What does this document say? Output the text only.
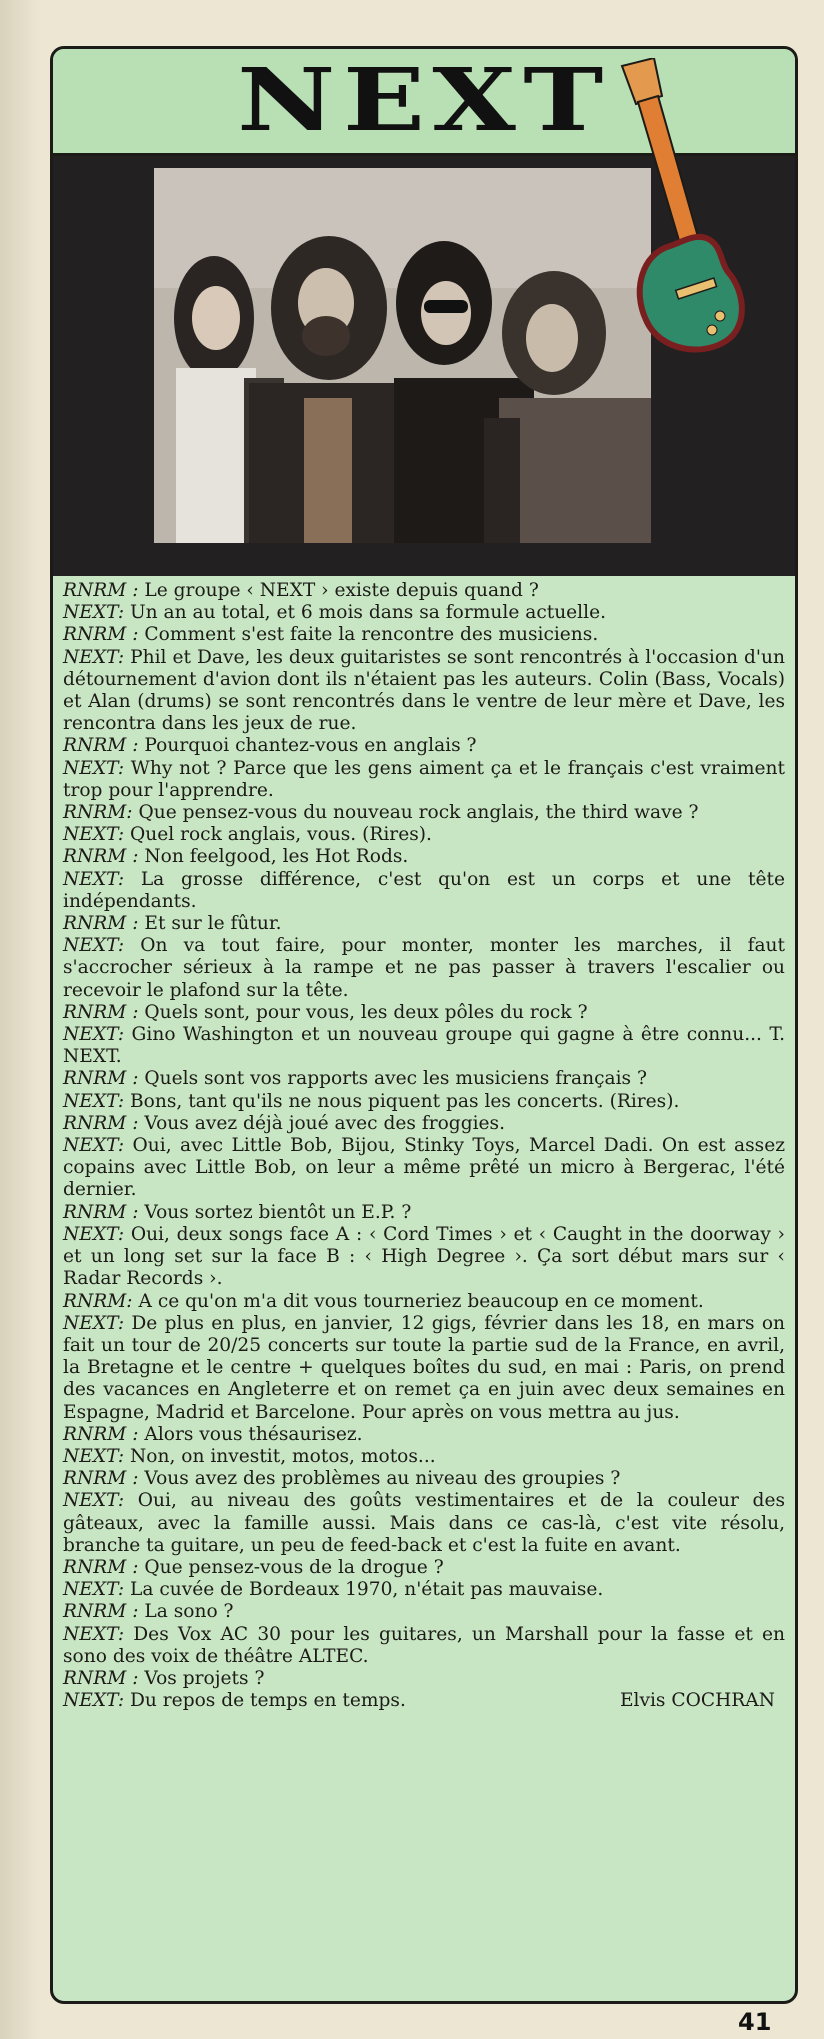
NEXT

RNRM : Le groupe ‹ NEXT › existe depuis quand ?

NEXT: Un an au total, et 6 mois dans sa formule actuelle.

RNRM : Comment s'est faite la rencontre des musiciens.

NEXT: Phil et Dave, les deux guitaristes se sont rencontrés à l'occasion d'un détournement d'avion dont ils n'étaient pas les auteurs. Colin (Bass, Vocals) et Alan (drums) se sont rencontrés dans le ventre de leur mère et Dave, les rencontra dans les jeux de rue.

RNRM : Pourquoi chantez-vous en anglais ?

NEXT: Why not ? Parce que les gens aiment ça et le français c'est vraiment trop pour l'apprendre.

RNRM: Que pensez-vous du nouveau rock anglais, the third wave ?

NEXT: Quel rock anglais, vous. (Rires).

RNRM : Non feelgood, les Hot Rods.

NEXT: La grosse différence, c'est qu'on est un corps et une tête indépendants.

RNRM : Et sur le fûtur.

NEXT: On va tout faire, pour monter, monter les marches, il faut s'accrocher sérieux à la rampe et ne pas passer à travers l'escalier ou recevoir le plafond sur la tête.

RNRM : Quels sont, pour vous, les deux pôles du rock ?

NEXT: Gino Washington et un nouveau groupe qui gagne à être connu... T. NEXT.

RNRM : Quels sont vos rapports avec les musiciens français ?

NEXT: Bons, tant qu'ils ne nous piquent pas les concerts. (Rires).

RNRM : Vous avez déjà joué avec des froggies.

NEXT: Oui, avec Little Bob, Bijou, Stinky Toys, Marcel Dadi. On est assez copains avec Little Bob, on leur a même prêté un micro à Bergerac, l'été dernier.

RNRM : Vous sortez bientôt un E.P. ?

NEXT: Oui, deux songs face A : ‹ Cord Times › et ‹ Caught in the doorway › et un long set sur la face B : ‹ High Degree ›. Ça sort début mars sur ‹ Radar Records ›.

RNRM: A ce qu'on m'a dit vous tourneriez beaucoup en ce moment.

NEXT: De plus en plus, en janvier, 12 gigs, février dans les 18, en mars on fait un tour de 20/25 concerts sur toute la partie sud de la France, en avril, la Bretagne et le centre + quelques boîtes du sud, en mai : Paris, on prend des vacances en Angleterre et on remet ça en juin avec deux semaines en Espagne, Madrid et Barcelone. Pour après on vous mettra au jus.

RNRM : Alors vous thésaurisez.

NEXT: Non, on investit, motos, motos...

RNRM : Vous avez des problèmes au niveau des groupies ?

NEXT: Oui, au niveau des goûts vestimentaires et de la couleur des gâteaux, avec la famille aussi. Mais dans ce cas-là, c'est vite résolu, branche ta guitare, un peu de feed-back et c'est la fuite en avant.

RNRM : Que pensez-vous de la drogue ?

NEXT: La cuvée de Bordeaux 1970, n'était pas mauvaise.

RNRM : La sono ?

NEXT: Des Vox AC 30 pour les guitares, un Marshall pour la fasse et en sono des voix de théâtre ALTEC.

RNRM : Vos projets ?

NEXT: Du repos de temps en temps.	Elvis COCHRAN

41
